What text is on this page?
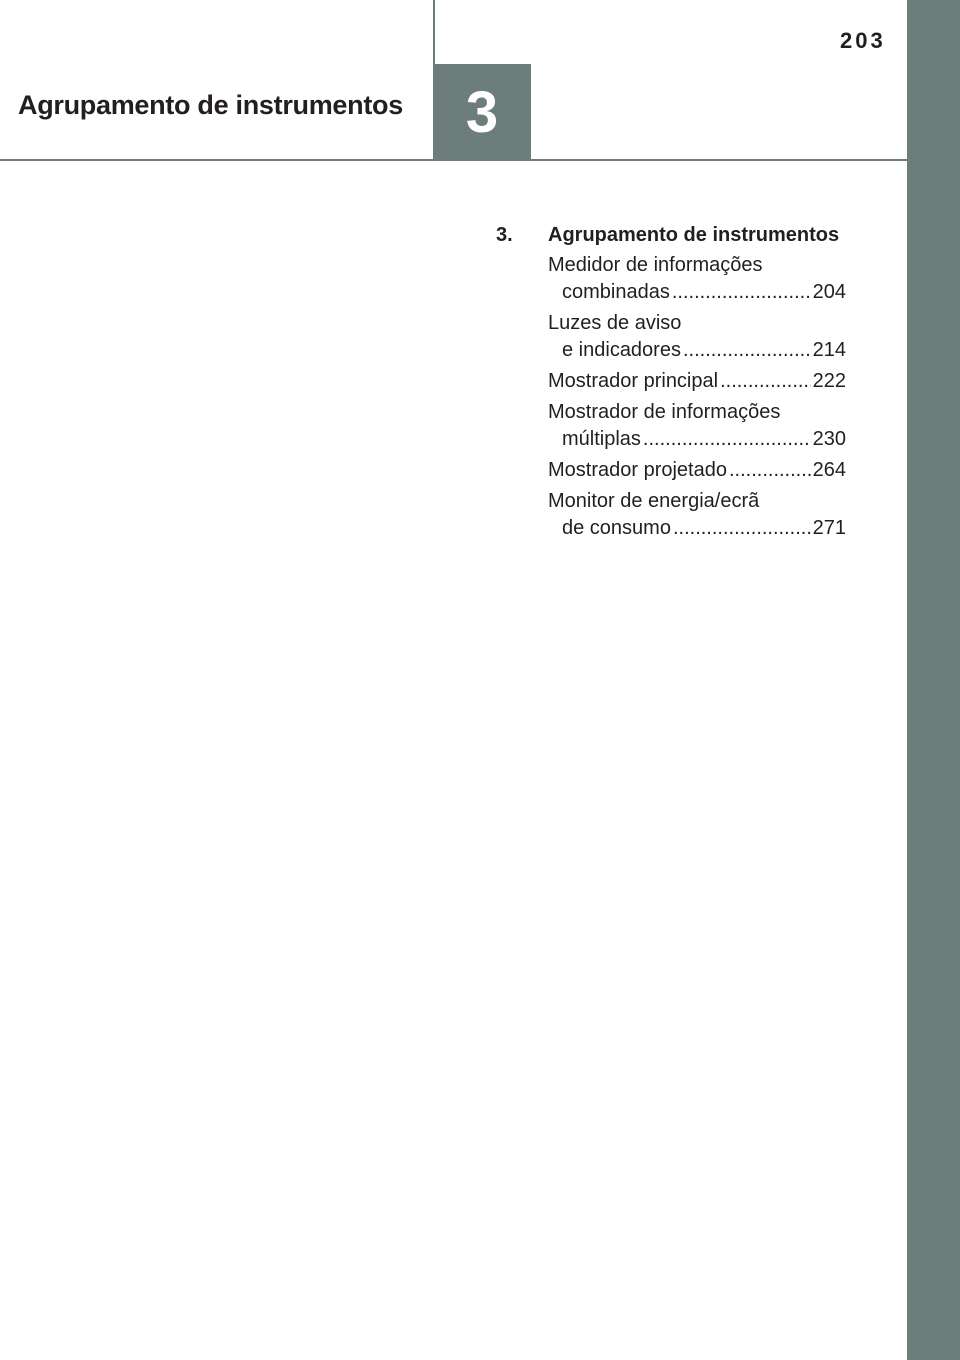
203
Agrupamento de instrumentos 3
3. Agrupamento de instrumentos
Medidor de informações
combinadas .....	204
Luzes de aviso
e indicadores .....	214
Mostrador principal .....	222
Mostrador de informações
múltiplas .....	230
Mostrador projetado .....	264
Monitor de energia/ecrã
de consumo .....	271
